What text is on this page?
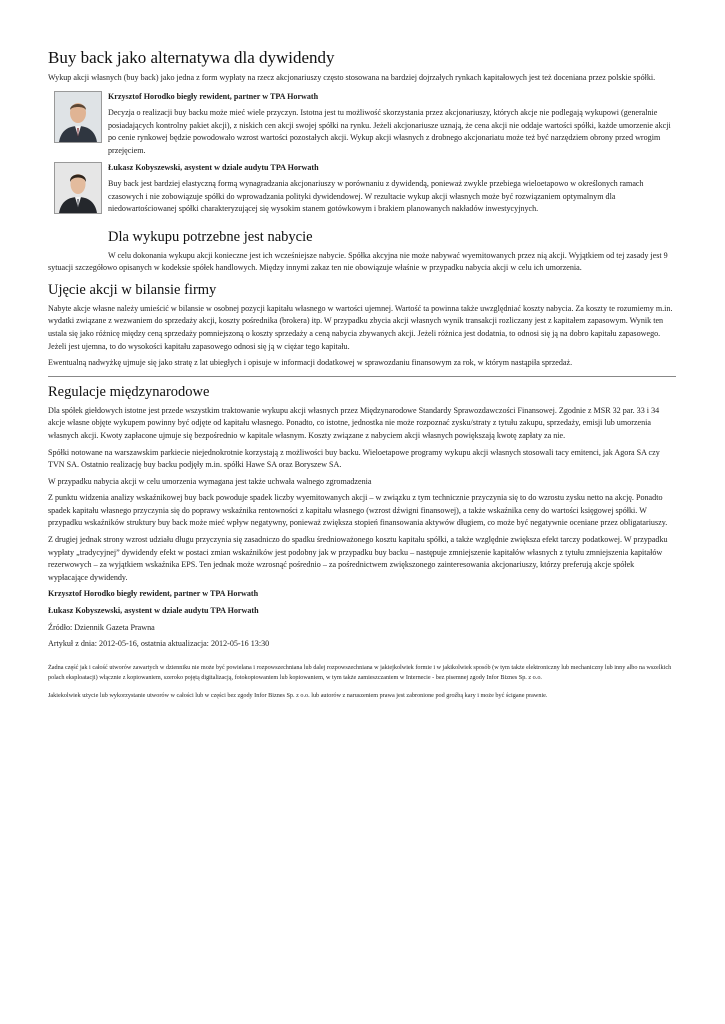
Buy back jako alternatywa dla dywidendy

Wykup akcji własnych (buy back) jako jedna z form wypłaty na rzecz akcjonariuszy często stosowana na bardziej dojrzałych rynkach kapitałowych jest też doceniana przez polskie spółki.

Krzysztof Horodko biegły rewident, partner w TPA Horwath

Decyzja o realizacji buy backu może mieć wiele przyczyn. Istotna jest tu możliwość skorzystania przez akcjonariuszy, których akcje nie podlegają wykupowi (generalnie posiadających kontrolny pakiet akcji), z niskich cen akcji swojej spółki na rynku. Jeżeli akcjonariusze uznają, że cena akcji nie oddaje wartości spółki, każde umorzenie akcji po cenie rynkowej będzie powodowało wzrost wartości pozostałych akcji. Wykup akcji własnych z drobnego akcjonariatu może też być narzędziem obrony przed wrogim przejęciem.

Łukasz Kobyszewski, asystent w dziale audytu TPA Horwath

Buy back jest bardziej elastyczną formą wynagradzania akcjonariuszy w porównaniu z dywidendą, ponieważ zwykle przebiega wieloetapowo w określonych ramach czasowych i nie zobowiązuje spółki do wprowadzania polityki dywidendowej. W rezultacie wykup akcji własnych może być rozwiązaniem optymalnym dla niedowartościowanej spółki charakteryzującej się wysokim stanem gotówkowym i brakiem planowanych nakładów inwestycyjnych.

Dla wykupu potrzebne jest nabycie

W celu dokonania wykupu akcji konieczne jest ich wcześniejsze nabycie. Spółka akcyjna nie może nabywać wyemitowanych przez nią akcji. Wyjątkiem od tej zasady jest 9 sytuacji szczegółowo opisanych w kodeksie spółek handlowych. Między innymi zakaz ten nie obowiązuje właśnie w przypadku nabycia akcji w celu ich umorzenia.

Ujęcie akcji w bilansie firmy

Nabyte akcje własne należy umieścić w bilansie w osobnej pozycji kapitału własnego w wartości ujemnej. Wartość ta powinna także uwzględniać koszty nabycia. Za koszty te rozumiemy m.in. wydatki związane z wezwaniem do sprzedaży akcji, koszty pośrednika (brokera) itp. W przypadku zbycia akcji własnych wynik transakcji rozliczany jest z kapitałem zapasowym. Wynik ten ustala się jako różnicę między ceną sprzedaży pomniejszoną o koszty sprzedaży a ceną nabycia zbywanych akcji. Jeżeli różnica jest dodatnia, to odnosi się ją na dobro kapitału zapasowego. Jeżeli jest ujemna, to do wysokości kapitału zapasowego odnosi się ją w ciężar tego kapitału.

Ewentualną nadwyżkę ujmuje się jako stratę z lat ubiegłych i opisuje w informacji dodatkowej w sprawozdaniu finansowym za rok, w którym nastąpiła sprzedaż.

Regulacje międzynarodowe

Dla spółek giełdowych istotne jest przede wszystkim traktowanie wykupu akcji własnych przez Międzynarodowe Standardy Sprawozdawczości Finansowej. Zgodnie z MSR 32 par. 33 i 34 akcje własne objęte wykupem powinny być odjęte od kapitału własnego. Ponadto, co istotne, jednostka nie może rozpoznać zysku/straty z tytułu zakupu, sprzedaży, emisji lub umorzenia własnych akcji. Kwoty zapłacone ujmuje się bezpośrednio w kapitale własnym. Koszty związane z nabyciem akcji własnych powiększają kwotę zapłaty za nie.

Spółki notowane na warszawskim parkiecie niejednokrotnie korzystają z możliwości buy backu. Wieloetapowe programy wykupu akcji własnych stosowali tacy emitenci, jak Agora SA czy TVN SA. Ostatnio realizację buy backu podjęły m.in. spółki Hawe SA oraz Boryszew SA.

W przypadku nabycia akcji w celu umorzenia wymagana jest także uchwała walnego zgromadzenia

Z punktu widzenia analizy wskaźnikowej buy back powoduje spadek liczby wyemitowanych akcji – w związku z tym technicznie przyczynia się to do wzrostu zysku netto na akcję. Ponadto spadek kapitału własnego przyczynia się do poprawy wskaźnika rentowności z kapitału własnego (wzrost dźwigni finansowej), a także wskaźnika ceny do wartości księgowej spółki. W przypadku wskaźników struktury buy back może mieć wpływ negatywny, ponieważ zwiększa stopień finansowania aktywów długiem, co może być negatywnie oceniane przez obligatariuszy.

Z drugiej jednak strony wzrost udziału długu przyczynia się zasadniczo do spadku średnioważonego kosztu kapitału spółki, a także względnie zwiększa efekt tarczy podatkowej. W przypadku wypłaty „tradycyjnej” dywidendy efekt w postaci zmian wskaźników jest podobny jak w przypadku buy backu – następuje zmniejszenie kapitałów własnych z tytułu zmniejszenia kapitałów rezerwowych – za wyjątkiem wskaźnika EPS. Ten jednak może wzrosnąć pośrednio – za pośrednictwem zwiększonego zainteresowania akcjonariuszy, którzy preferują akcje spółek wypłacające dywidendy.

Krzysztof Horodko biegły rewident, partner w TPA Horwath

Łukasz Kobyszewski, asystent w dziale audytu TPA Horwath

Źródło: Dziennik Gazeta Prawna

Artykuł z dnia: 2012-05-16, ostatnia aktualizacja: 2012-05-16 13:30

Żadna część jak i całość utworów zawartych w dzienniku nie może być powielana i rozpowszechniana lub dalej rozpowszechniana w jakiejkolwiek formie i w jakikolwiek sposób (w tym także elektroniczny lub mechaniczny lub inny albo na wszelkich polach eksploatacji) włącznie z kopiowaniem, szeroko pojętą digitalizacją, fotokopiowaniem lub kopiowaniem, w tym także zamieszczaniem w Internecie - bez pisemnej zgody Infor Biznes Sp. z o.o.

Jakiekolwiek użycie lub wykorzystanie utworów w całości lub w części bez zgody Infor Biznes Sp. z o.o. lub autorów z naruszeniem prawa jest zabronione pod groźbą kary i może być ścigane prawnie.
